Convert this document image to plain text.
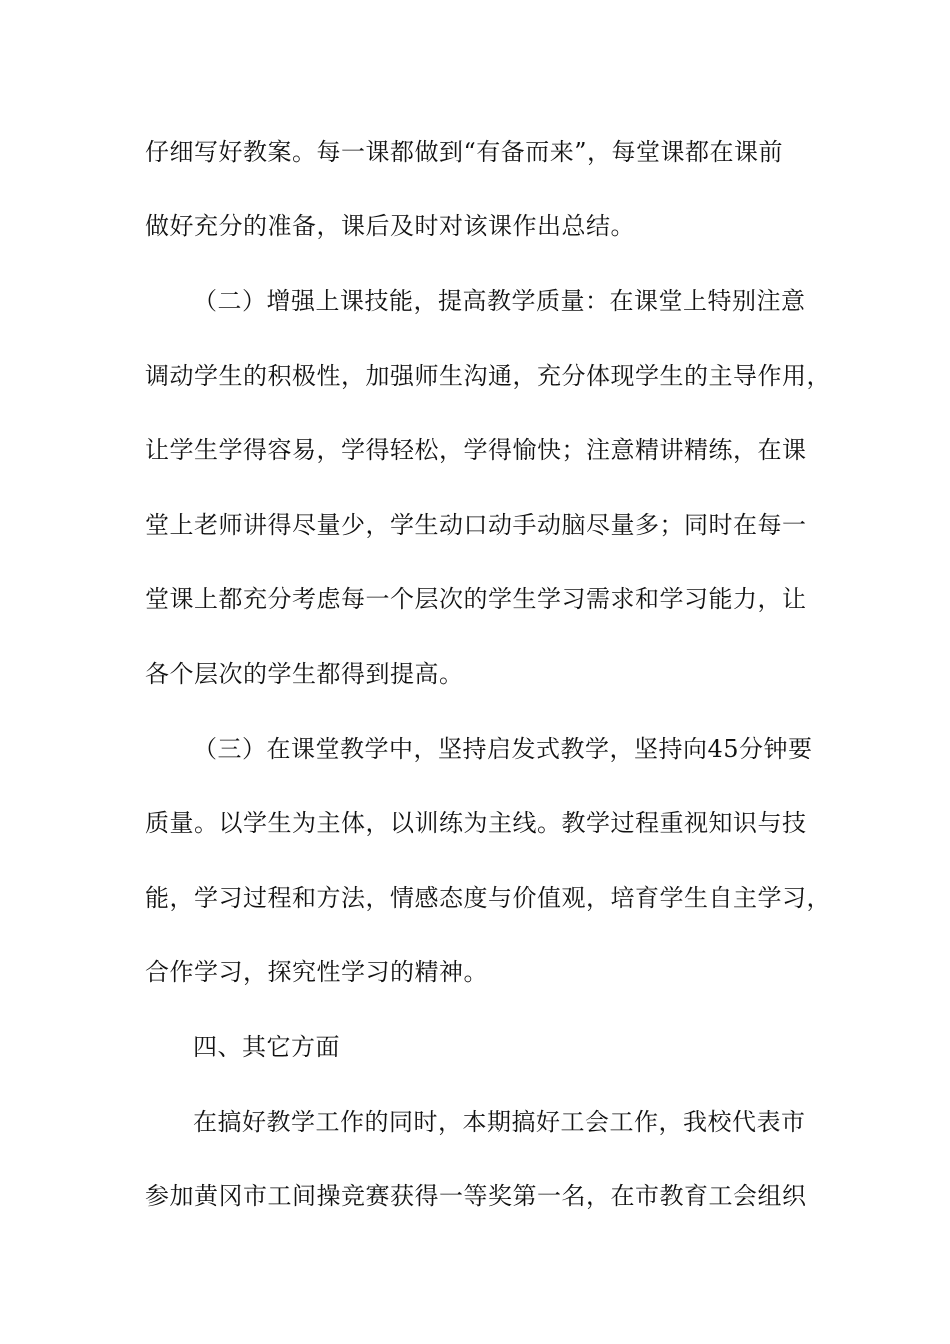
仔细写好教案。每一课都做到“有备而来”，每堂课都在课前
做好充分的准备，课后及时对该课作出总结。
（二）增强上课技能，提高教学质量：在课堂上特别注意
调动学生的积极性，加强师生沟通，充分体现学生的主导作用，
让学生学得容易，学得轻松，学得愉快；注意精讲精练，在课
堂上老师讲得尽量少，学生动口动手动脑尽量多；同时在每一
堂课上都充分考虑每一个层次的学生学习需求和学习能力，让
各个层次的学生都得到提高。
（三）在课堂教学中，坚持启发式教学，坚持向45分钟要
质量。以学生为主体，以训练为主线。教学过程重视知识与技
能，学习过程和方法，情感态度与价值观，培育学生自主学习，
合作学习，探究性学习的精神。
四、其它方面
在搞好教学工作的同时，本期搞好工会工作，我校代表市
参加黄冈市工间操竞赛获得一等奖第一名，在市教育工会组织
